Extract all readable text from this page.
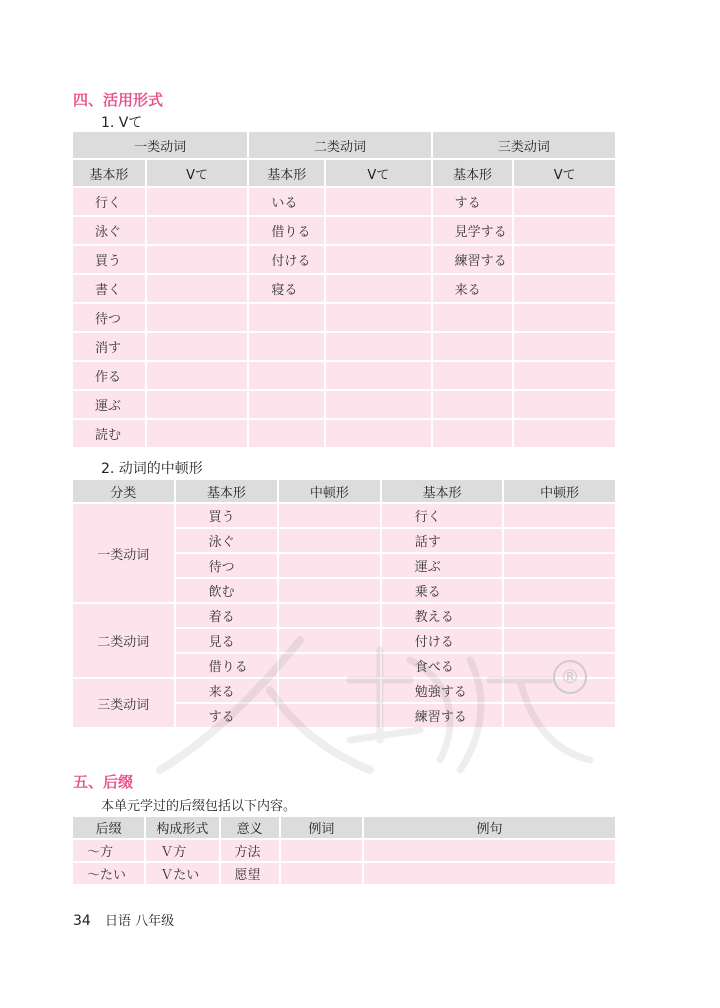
四、活用形式
1. Vて
一类动词		二类动词		三类动词	
基本形	Vて	基本形	Vて	基本形	Vて
行く		いる		する	
泳ぐ		借りる		見学する	
買う		付ける		練習する	
書く		寝る		来る	
待つ					
消す					
作る					
運ぶ					
読む					
2. 动词的中顿形
分类	基本形	中顿形	基本形	中顿形
一类动词	買う		行く	
	泳ぐ		話す	
	待つ		運ぶ	
	飲む		乗る	
二类动词	着る		教える	
	見る		付ける	
	借りる		食べる	
三类动词	来る		勉強する	
	する		練習する	
®
五、后缀
本单元学过的后缀包括以下内容。
后缀	构成形式	意义	例词	例句
～方	Ｖ方	方法		
～たい	Ｖたい	愿望		
34 日语 八年级
